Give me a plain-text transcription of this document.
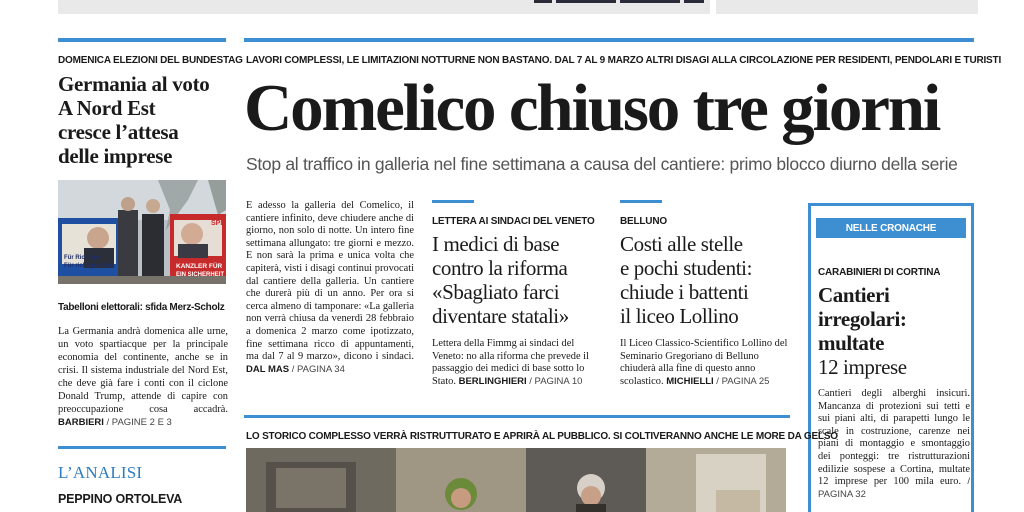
DOMENICA ELEZIONI DEL BUNDESTAG
Germania al voto
A Nord Est
cresce l’attesa
delle imprese
Für Richtige
Für richtigen Zeit.	KANZLER FÜR
EIN SICHERHEIT
SPD
Tabelloni elettorali: sfida Merz-Scholz
La Germania andrà domenica alle urne, un voto spartiacque per la principale economia del continente, anche se in crisi. Il sistema industriale del Nord Est, che deve già fare i conti con il ciclone Donald Trump, attende di capire con preoccupazione cosa accadrà. BARBIERI / PAGINE 2 E 3
L’ANALISI
PEPPINO ORTOLEVA
LAVORI COMPLESSI, LE LIMITAZIONI NOTTURNE NON BASTANO. DAL 7 AL 9 MARZO ALTRI DISAGI ALLA CIRCOLAZIONE PER RESIDENTI, PENDOLARI E TURISTI
Comelico chiuso tre giorni
Stop al traffico in galleria nel fine settimana a causa del cantiere: primo blocco diurno della serie
E adesso la galleria del Comelico, il cantiere infinito, deve chiudere anche di giorno, non solo di notte. Un intero fine settimana allungato: tre giorni e mezzo. E non sarà la prima e unica volta che capiterà, visti i disagi continui provocati dal cantiere della galleria. Un cantiere che durerà più di un anno. Per ora si cerca almeno di tamponare: «La galleria non verrà chiusa da venerdì 28 febbraio a domenica 2 marzo come ipotizzato, fine settimana ricco di appuntamenti, ma dal 7 al 9 marzo», dicono i sindaci. DAL MAS / PAGINA 34
LETTERA AI SINDACI DEL VENETO
I medici di base
contro la riforma
«Sbagliato farci
diventare statali»
Lettera della Fimmg ai sindaci del Veneto: no alla riforma che prevede il passaggio dei medici di base sotto lo Stato. BERLINGHIERI / PAGINA 10
BELLUNO
Costi alle stelle
e pochi studenti:
chiude i battenti
il liceo Lollino
Il Liceo Classico-Scientifico Lollino del Seminario Gregoriano di Belluno chiuderà alla fine di questo anno scolastico. MICHIELLI / PAGINA 25
NELLE CRONACHE
CARABINIERI DI CORTINA
Cantieri
irregolari:
multate
12 imprese
Cantieri degli alberghi insicuri. Mancanza di protezioni sui tetti e sui piani alti, di parapetti lungo le scale in costruzione, carenze nei piani di montaggio e smontaggio dei ponteggi: tre ristrutturazioni edilizie sospese a Cortina, multate 12 imprese per 100 mila euro. / PAGINA 32
LO STORICO COMPLESSO VERRÀ RISTRUTTURATO E APRIRÀ AL PUBBLICO. SI COLTIVERANNO ANCHE LE MORE DA GELSO
